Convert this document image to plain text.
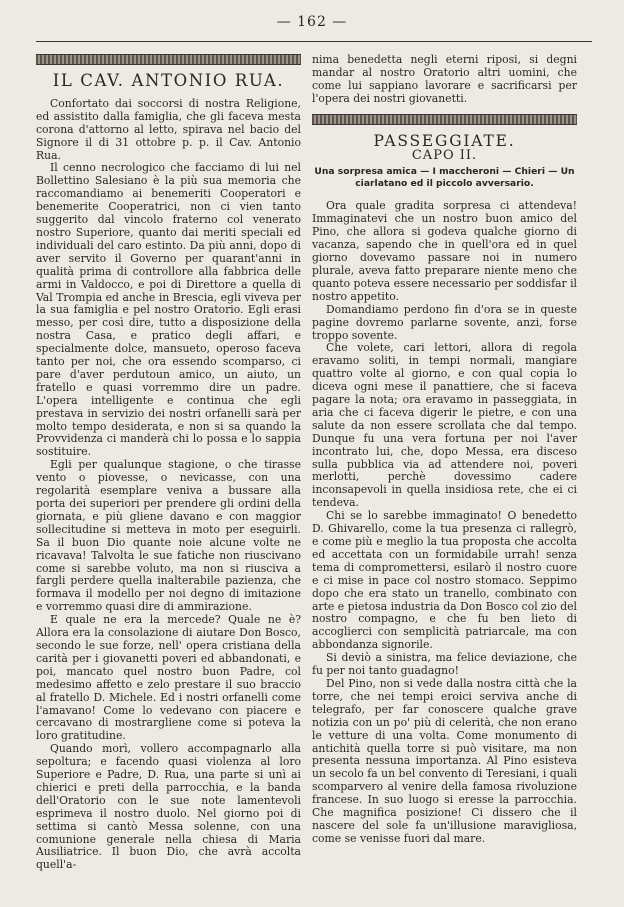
— 162 —
IL CAV. ANTONIO RUA.

Confortato dai soccorsi di nostra Religione, ed assistito dalla famiglia, che gli faceva mesta corona d'attorno al letto, spirava nel bacio del Signore il di 31 ottobre p. p. il Cav. Antonio Rua.

Il cenno necrologico che facciamo di lui nel Bollettino Salesiano è la più sua memoria che raccomandiamo ai benemeriti Cooperatori e benemerite Cooperatrici, non ci vien tanto suggerito dal vincolo fraterno col venerato nostro Superiore, quanto dai meriti speciali ed individuali del caro estinto. Da più anni, dopo di aver servito il Governo per quarant'anni in qualità prima di controllore alla fabbrica delle armi in Valdocco, e poi di Direttore a quella di Val Trompia ed anche in Brescia, egli viveva per la sua famiglia e pel nostro Oratorio. Egli erasi messo, per così dire, tutto a disposizione della nostra Casa, e pratico degli affari, e specialmente dolce, mansueto, operoso faceva tanto per noi, che ora essendo scomparso, ci pare d'aver perdutoun amico, un aiuto, un fratello e quasi vorremmo dire un padre. L'opera intelligente e continua che egli prestava in servizio dei nostri orfanelli sarà per molto tempo desiderata, e non si sa quando la Provvidenza ci manderà chi lo possa e lo sappia sostituire.

Egli per qualunque stagione, o che tirasse vento o piovesse, o nevicasse, con una regolarità esemplare veniva a bussare alla porta dei superiori per prendere gli ordini della giornata, e più gliene davano e con maggior sollecitudine si metteva in moto per eseguirli. Sa il buon Dio quante noie alcune volte ne ricavava! Talvolta le sue fatiche non riuscivano come si sarebbe voluto, ma non si riusciva a fargli perdere quella inalterabile pazienza, che formava il modello per noi degno di imitazione e vorremmo quasi dire di ammirazione.

E quale ne era la mercede? Quale ne è? Allora era la consolazione di aiutare Don Bosco, secondo le sue forze, nell' opera cristiana della carità per i giovanetti poveri ed abbandonati, e poi, mancato quel nostro buon Padre, col medesimo affetto e zelo prestare il suo braccio al fratello D. Michele. Ed i nostri orfanelli come l'amavano! Come lo vedevano con piacere e cercavano di mostrargliene come si poteva la loro gratitudine.

Quando morì, vollero accompagnarlo alla sepoltura; e facendo quasi violenza al loro Superiore e Padre, D. Rua, una parte si unì ai chierici e preti della parrocchia, e la banda dell'Oratorio con le sue note lamentevoli esprimeva il nostro duolo. Nel giorno poi di settima si cantò Messa solenne, con una comunione generale nella chiesa di Maria Ausiliatrice. Il buon Dio, che avrà accolta quell'a-

nima benedetta negli eterni riposi, si degni mandar al nostro Oratorio altri uomini, che come lui sappiano lavorare e sacrificarsi per l'opera dei nostri giovanetti.

PASSEGGIATE.
CAPO II.
Una sorpresa amica — I maccheroni — Chieri — Un ciarlatano ed il piccolo avversario.

Ora quale gradita sorpresa ci attendeva! Immaginatevi che un nostro buon amico del Pino, che allora si godeva qualche giorno di vacanza, sapendo che in quell'ora ed in quel giorno dovevamo passare noi in numero plurale, aveva fatto preparare niente meno che quanto poteva essere necessario per soddisfar il nostro appetito.

Domandiamo perdono fin d'ora se in queste pagine dovremo parlarne sovente, anzi, forse troppo sovente.

Che volete, cari lettori, allora di regola eravamo soliti, in tempi normali, mangiare quattro volte al giorno, e con qual copia lo diceva ogni mese il panattiere, che si faceva pagare la nota; ora eravamo in passeggiata, in aria che ci faceva digerir le pietre, e con una salute da non essere scrollata che dal tempo. Dunque fu una vera fortuna per noi l'aver incontrato lui, che, dopo Messa, era disceso sulla pubblica via ad attendere noi, poveri merlotti, perchè dovessimo cadere inconsapevoli in quella insidiosa rete, che ei ci tendeva.

Chi se lo sarebbe immaginato! O benedetto D. Ghivarello, come la tua presenza ci rallegrò, e come più e meglio la tua proposta che accolta ed accettata con un formidabile urrah! senza tema di compromettersi, esilarò il nostro cuore e ci mise in pace col nostro stomaco. Seppimo dopo che era stato un tranello, combinato con arte e pietosa industria da Don Bosco col zio del nostro compagno, e che fu ben lieto di accoglierci con semplicità patriarcale, ma con abbondanza signorile.

Si deviò a sinistra, ma felice deviazione, che fu per noi tanto guadagno!

Del Pino, non si vede dalla nostra città che la torre, che nei tempi eroici serviva anche di telegrafo, per far conoscere qualche grave notizia con un po' più di celerità, che non erano le vetture di una volta. Come monumento di antichità quella torre si può visitare, ma non presenta nessuna importanza. Al Pino esisteva un secolo fa un bel convento di Teresiani, i quali scomparvero al venire della famosa rivoluzione francese. In suo luogo si eresse la parrocchia. Che magnifica posizione! Ci dissero che il nascere del sole fa un'illusione maravigliosa, come se venisse fuori dal mare.
